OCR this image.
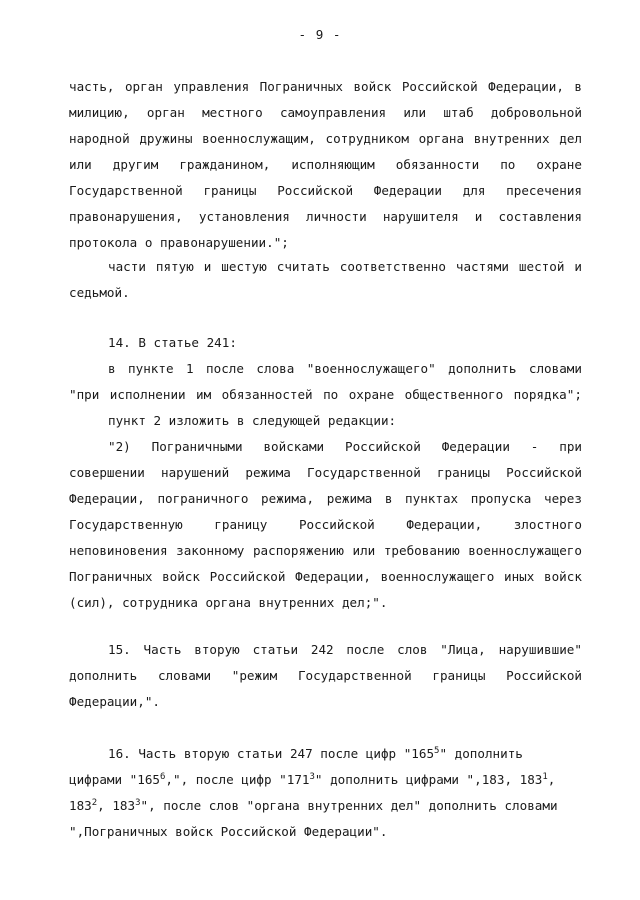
- 9 -
часть, орган управления Пограничных войск Российской Федерации, в
милицию, орган местного самоуправления или штаб добровольной
народной дружины военнослужащим, сотрудником органа внутренних дел
или другим гражданином, исполняющим обязанности по охране
Государственной границы Российской Федерации для пресечения
правонарушения, установления личности нарушителя и составления
протокола о правонарушении.";
части пятую и шестую считать соответственно частями шестой и
седьмой.
14. В статье 241:
в пункте 1 после слова "военнослужащего" дополнить словами
"при исполнении им обязанностей по охране общественного порядка";
пункт 2 изложить в следующей редакции:
"2) Пограничными войсками Российской Федерации - при
совершении нарушений режима Государственной границы Российской
Федерации, пограничного режима, режима в пунктах пропуска через
Государственную	границу	Российской	Федерации,	злостного
неповиновения законному распоряжению или требованию военнослужащего
Пограничных войск Российской Федерации, военнослужащего иных войск
(сил), сотрудника органа внутренних дел;".
15. Часть вторую статьи 242 после слов "Лица, нарушившие"
дополнить словами "режим Государственной границы Российской
Федерации,".
16. Часть вторую статьи 247 после цифр "$165^5$" дополнить
цифрами "$165^6$,", после цифр "$171^3$" дополнить цифрами ",183, $183^1$,
$183^2$, $183^3$", после слов "органа внутренних дел" дополнить словами
",Пограничных войск Российской Федерации".
